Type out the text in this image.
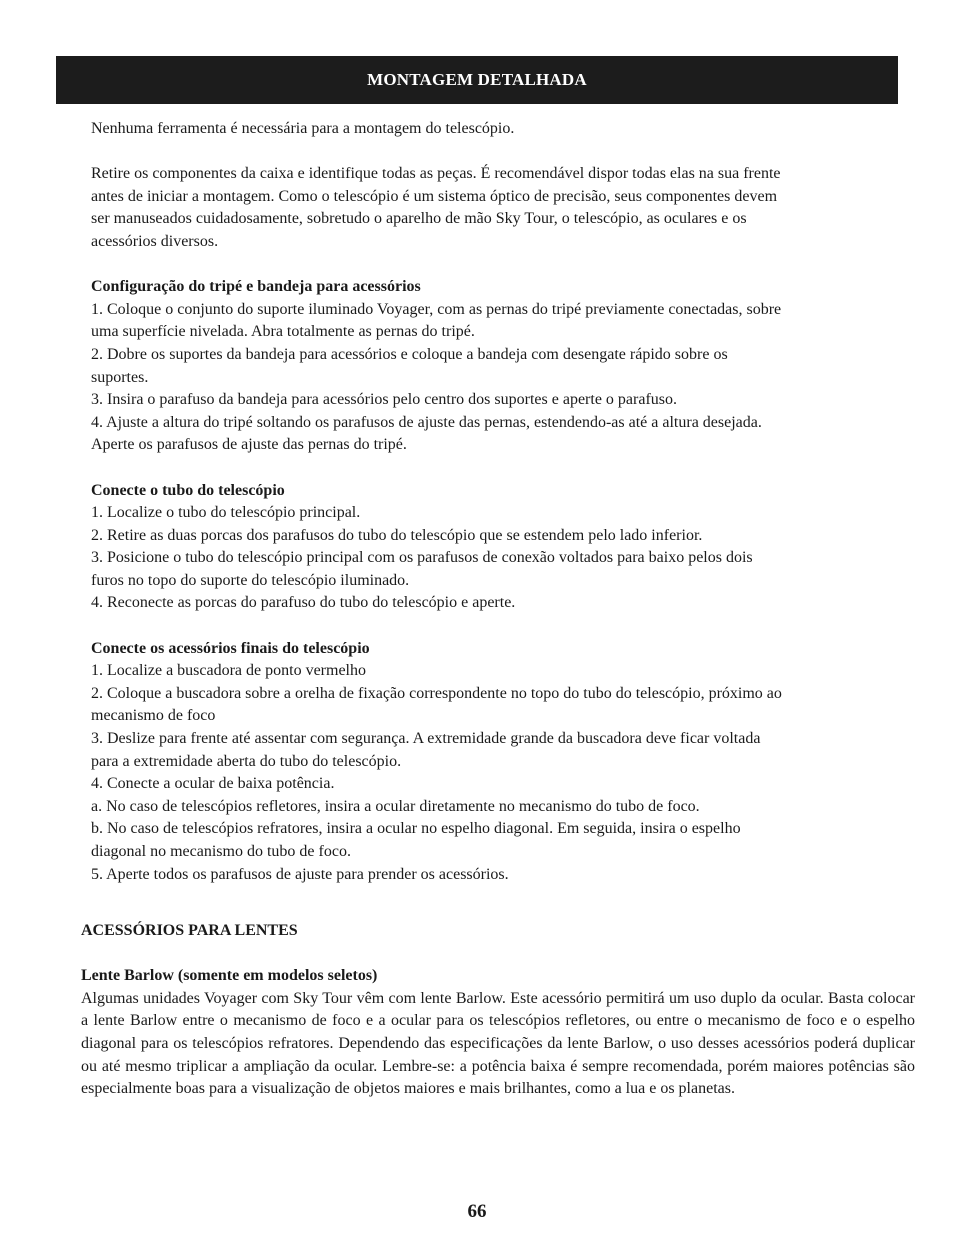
MONTAGEM DETALHADA

Nenhuma ferramenta é necessária para a montagem do telescópio.

Retire os componentes da caixa e identifique todas as peças. É recomendável dispor todas elas na sua frente

antes de iniciar a montagem. Como o telescópio é um sistema óptico de precisão, seus componentes devem

ser manuseados cuidadosamente, sobretudo o aparelho de mão Sky Tour, o telescópio, as oculares e os

acessórios diversos.

Configuração do tripé e bandeja para acessórios

1. Coloque o conjunto do suporte iluminado Voyager, com as pernas do tripé previamente conectadas, sobre

uma superfície nivelada. Abra totalmente as pernas do tripé.

2. Dobre os suportes da bandeja para acessórios e coloque a bandeja com desengate rápido sobre os

suportes.

3. Insira o parafuso da bandeja para acessórios pelo centro dos suportes e aperte o parafuso.

4. Ajuste a altura do tripé soltando os parafusos de ajuste das pernas, estendendo-as até a altura desejada.

Aperte os parafusos de ajuste das pernas do tripé.

Conecte o tubo do telescópio

1. Localize o tubo do telescópio principal.

2. Retire as duas porcas dos parafusos do tubo do telescópio que se estendem pelo lado inferior.

3. Posicione o tubo do telescópio principal com os parafusos de conexão voltados para baixo pelos dois

furos no topo do suporte do telescópio iluminado.

4. Reconecte as porcas do parafuso do tubo do telescópio e aperte.

Conecte os acessórios finais do telescópio

1. Localize a buscadora de ponto vermelho

2. Coloque a buscadora sobre a orelha de fixação correspondente no topo do tubo do telescópio, próximo ao

mecanismo de foco

3. Deslize para frente até assentar com segurança. A extremidade grande da buscadora deve ficar voltada

para a extremidade aberta do tubo do telescópio.

4. Conecte a ocular de baixa potência.

a. No caso de telescópios refletores, insira a ocular diretamente no mecanismo do tubo de foco.

b. No caso de telescópios refratores, insira a ocular no espelho diagonal. Em seguida, insira o espelho

diagonal no mecanismo do tubo de foco.

5. Aperte todos os parafusos de ajuste para prender os acessórios.

ACESSÓRIOS PARA LENTES

Lente Barlow (somente em modelos seletos)

Algumas unidades Voyager com Sky Tour vêm com lente Barlow. Este acessório permitirá um uso duplo da ocular. Basta colocar a lente Barlow entre o mecanismo de foco e a ocular para os telescópios refletores, ou entre o mecanismo de foco e o espelho diagonal para os telescópios refratores. Dependendo das especificações da lente Barlow, o uso desses acessórios poderá duplicar ou até mesmo triplicar a ampliação da ocular. Lembre-se: a potência baixa é sempre recomendada, porém maiores potências são especialmente boas para a visualização de objetos maiores e mais brilhantes, como a lua e os planetas.

66
